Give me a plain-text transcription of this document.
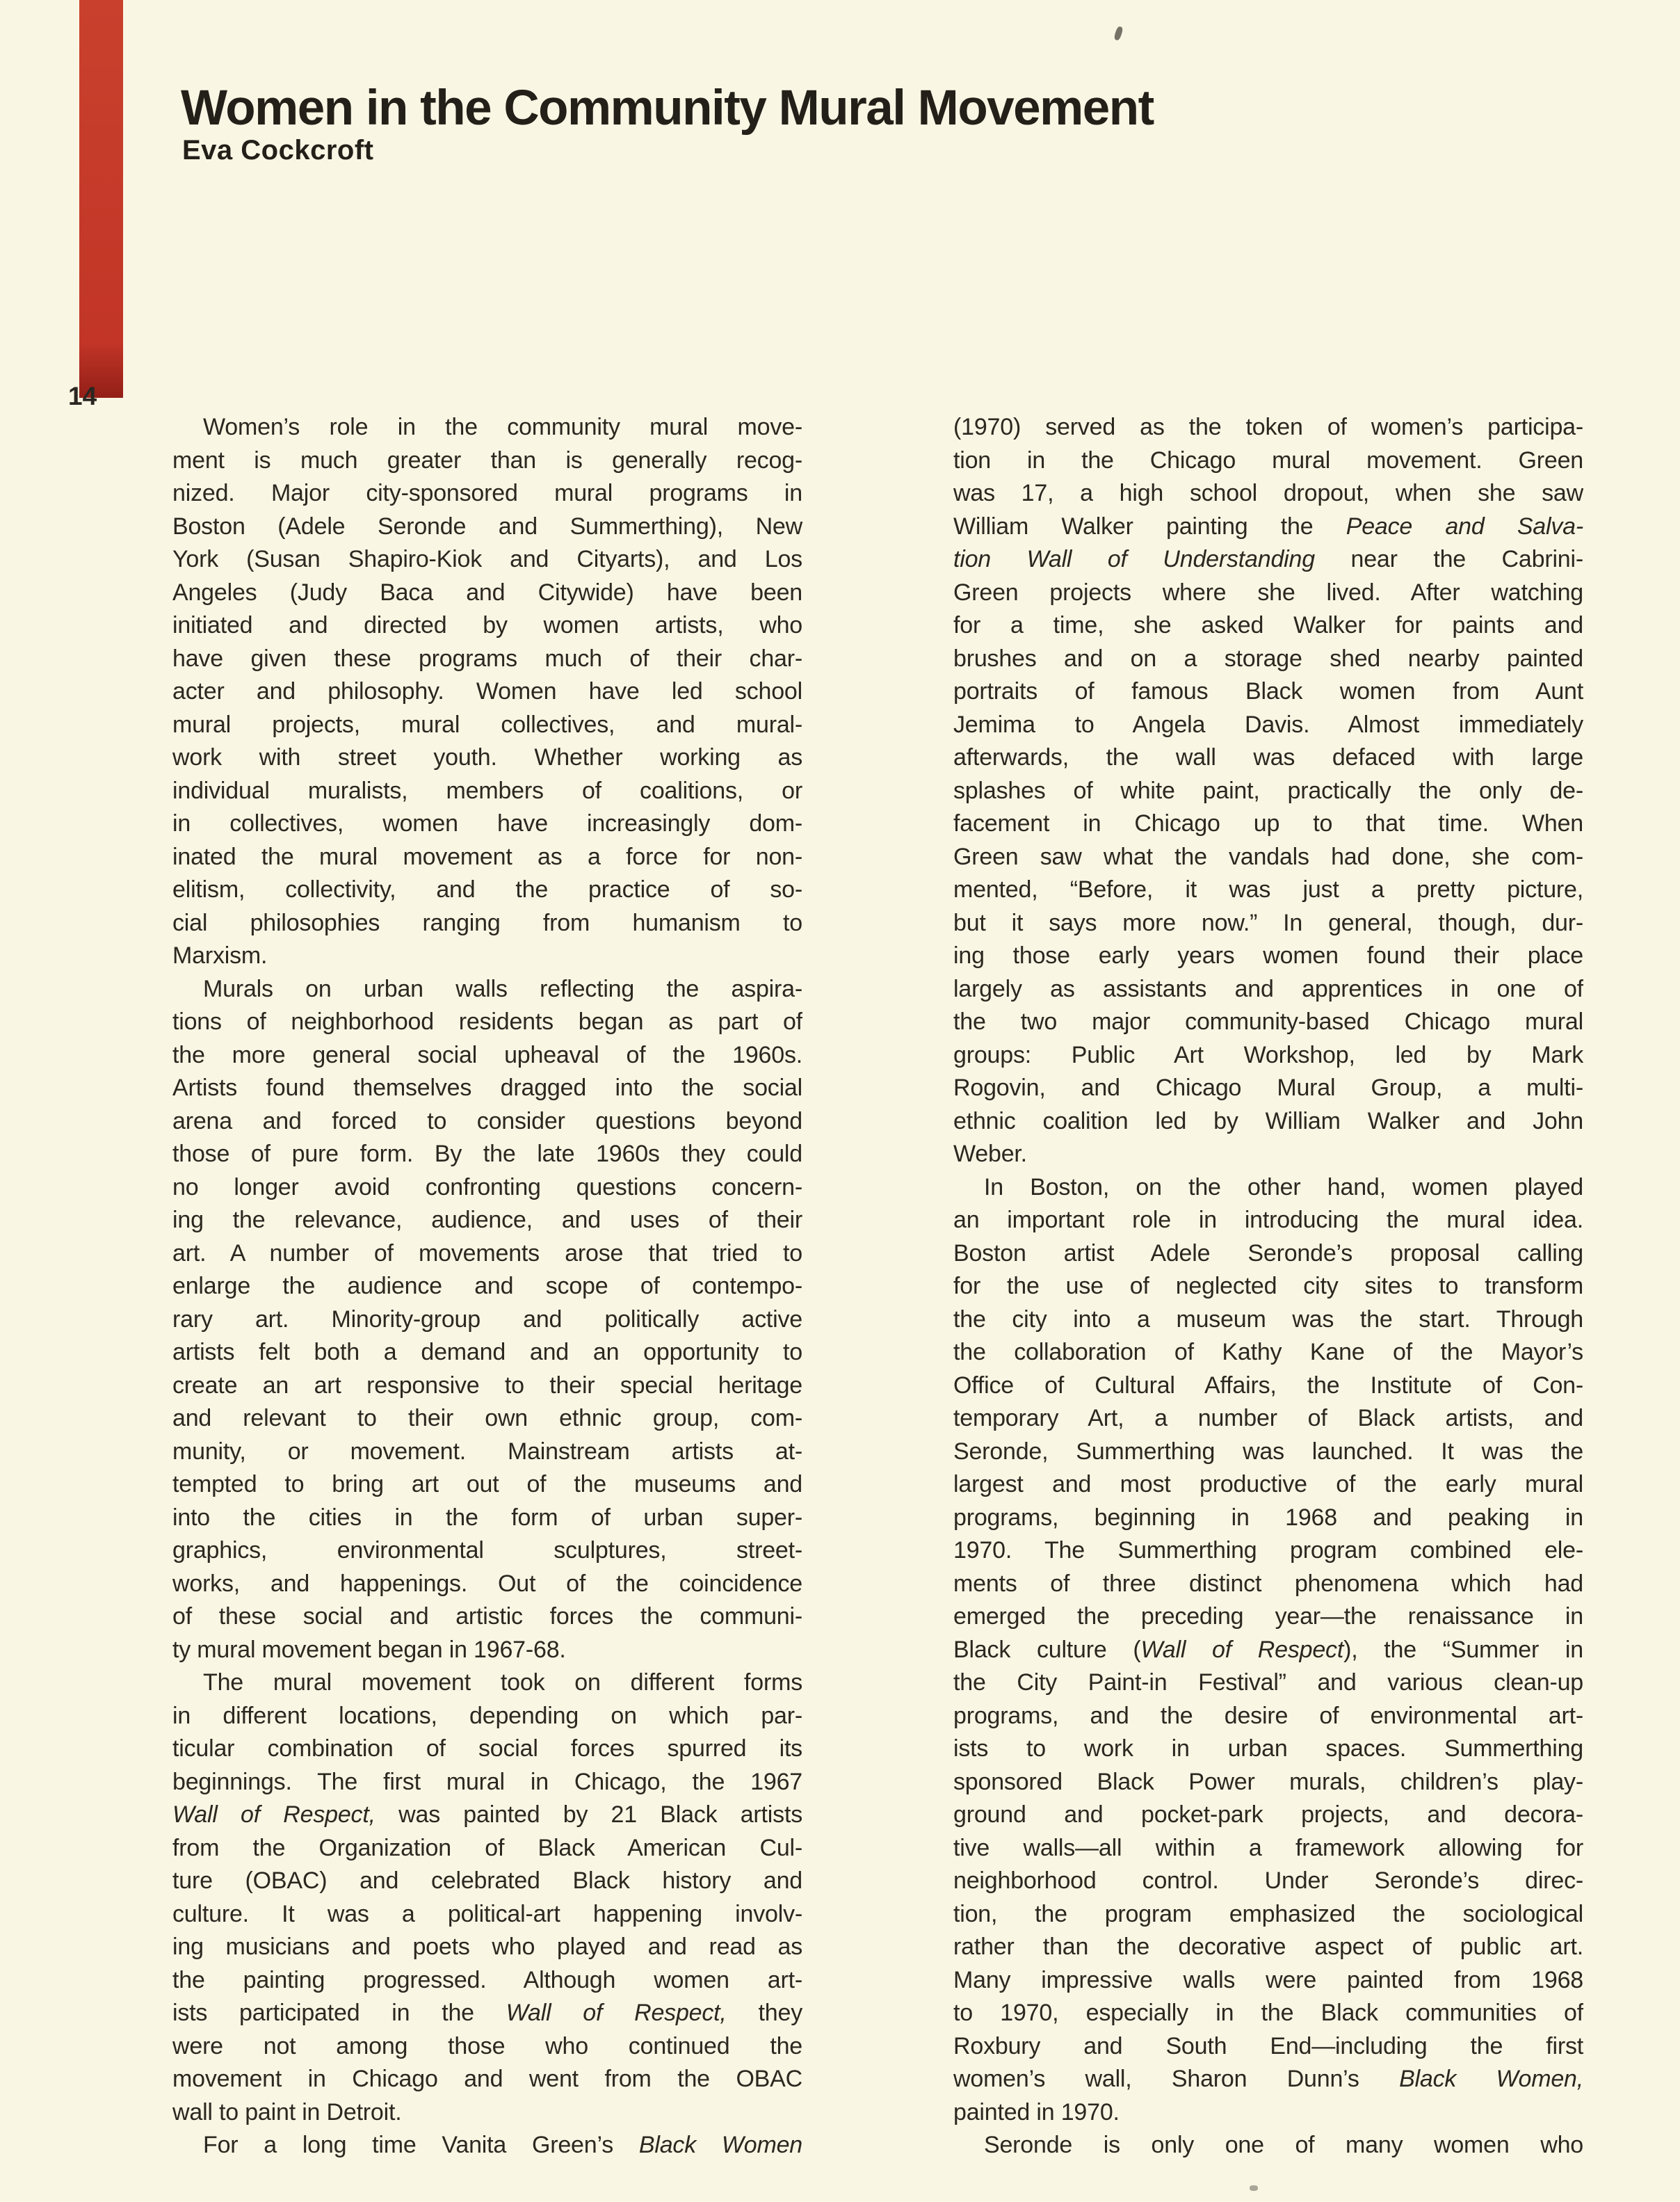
Women in the Community Mural Movement
Eva Cockcroft
14
Women’s role in the community mural move-
ment is much greater than is generally recog-
nized. Major city-sponsored mural programs in
Boston (Adele Seronde and Summerthing), New
York (Susan Shapiro-Kiok and Cityarts), and Los
Angeles (Judy Baca and Citywide) have been
initiated and directed by women artists, who
have given these programs much of their char-
acter and philosophy. Women have led school
mural projects, mural collectives, and mural-
work with street youth. Whether working as
individual muralists, members of coalitions, or
in collectives, women have increasingly dom-
inated the mural movement as a force for non-
elitism, collectivity, and the practice of so-
cial philosophies ranging from humanism to
Marxism.
Murals on urban walls reflecting the aspira-
tions of neighborhood residents began as part of
the more general social upheaval of the 1960s.
Artists found themselves dragged into the social
arena and forced to consider questions beyond
those of pure form. By the late 1960s they could
no longer avoid confronting questions concern-
ing the relevance, audience, and uses of their
art. A number of movements arose that tried to
enlarge the audience and scope of contempo-
rary art. Minority-group and politically active
artists felt both a demand and an opportunity to
create an art responsive to their special heritage
and relevant to their own ethnic group, com-
munity, or movement. Mainstream artists at-
tempted to bring art out of the museums and
into the cities in the form of urban super-
graphics, environmental sculptures, street-
works, and happenings. Out of the coincidence
of these social and artistic forces the communi-
ty mural movement began in 1967-68.
The mural movement took on different forms
in different locations, depending on which par-
ticular combination of social forces spurred its
beginnings. The first mural in Chicago, the 1967
Wall of Respect, was painted by 21 Black artists
from the Organization of Black American Cul-
ture (OBAC) and celebrated Black history and
culture. It was a political-art happening involv-
ing musicians and poets who played and read as
the painting progressed. Although women art-
ists participated in the Wall of Respect, they
were not among those who continued the
movement in Chicago and went from the OBAC
wall to paint in Detroit.
For a long time Vanita Green’s Black Women
(1970) served as the token of women’s participa-
tion in the Chicago mural movement. Green
was 17, a high school dropout, when she saw
William Walker painting the Peace and Salva-
tion Wall of Understanding near the Cabrini-
Green projects where she lived. After watching
for a time, she asked Walker for paints and
brushes and on a storage shed nearby painted
portraits of famous Black women from Aunt
Jemima to Angela Davis. Almost immediately
afterwards, the wall was defaced with large
splashes of white paint, practically the only de-
facement in Chicago up to that time. When
Green saw what the vandals had done, she com-
mented, “Before, it was just a pretty picture,
but it says more now.” In general, though, dur-
ing those early years women found their place
largely as assistants and apprentices in one of
the two major community-based Chicago mural
groups: Public Art Workshop, led by Mark
Rogovin, and Chicago Mural Group, a multi-
ethnic coalition led by William Walker and John
Weber.
In Boston, on the other hand, women played
an important role in introducing the mural idea.
Boston artist Adele Seronde’s proposal calling
for the use of neglected city sites to transform
the city into a museum was the start. Through
the collaboration of Kathy Kane of the Mayor’s
Office of Cultural Affairs, the Institute of Con-
temporary Art, a number of Black artists, and
Seronde, Summerthing was launched. It was the
largest and most productive of the early mural
programs, beginning in 1968 and peaking in
1970. The Summerthing program combined ele-
ments of three distinct phenomena which had
emerged the preceding year—the renaissance in
Black culture (Wall of Respect), the “Summer in
the City Paint-in Festival” and various clean-up
programs, and the desire of environmental art-
ists to work in urban spaces. Summerthing
sponsored Black Power murals, children’s play-
ground and pocket-park projects, and decora-
tive walls—all within a framework allowing for
neighborhood control. Under Seronde’s direc-
tion, the program emphasized the sociological
rather than the decorative aspect of public art.
Many impressive walls were painted from 1968
to 1970, especially in the Black communities of
Roxbury and South End—including the first
women’s wall, Sharon Dunn’s Black Women,
painted in 1970.
Seronde is only one of many women who
